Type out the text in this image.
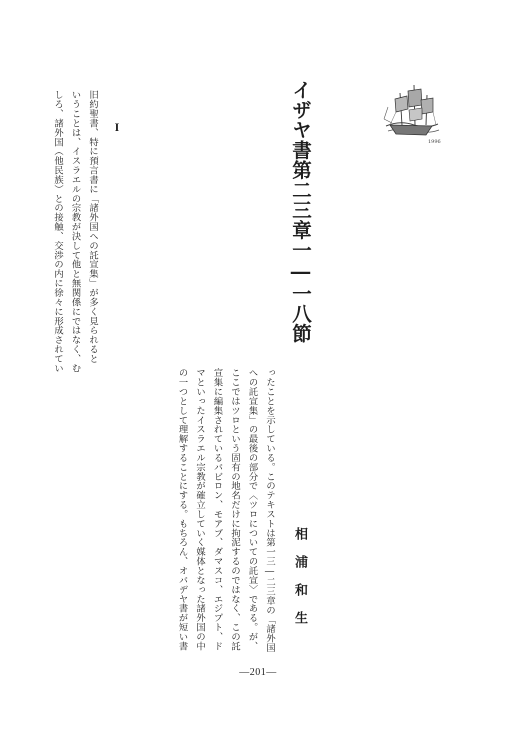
1996
イザヤ書第二三章一―一八節
相浦和生
I
旧約聖書、特に預言書に「諸外国への託宣集」が多く見られると
いうことは、イスラエルの宗教が決して他と無関係にではなく、む
しろ、諸外国（他民族）との接触、交渉の内に徐々に形成されてい
ったことを示している。このテキストは第一三―二三章の「諸外国
への託宣集」の最後の部分で〈ツロについての託宣〉である。が、
ここではツロという固有の地名だけに拘泥するのではなく、この託
宣集に編集されているバビロン、モアブ、ダマスコ、エジプト、ド
マといったイスラエル宗教が確立していく媒体となった諸外国の中
の一つとして理解することにする。もちろん、オバデヤ書が短い書
―201―
